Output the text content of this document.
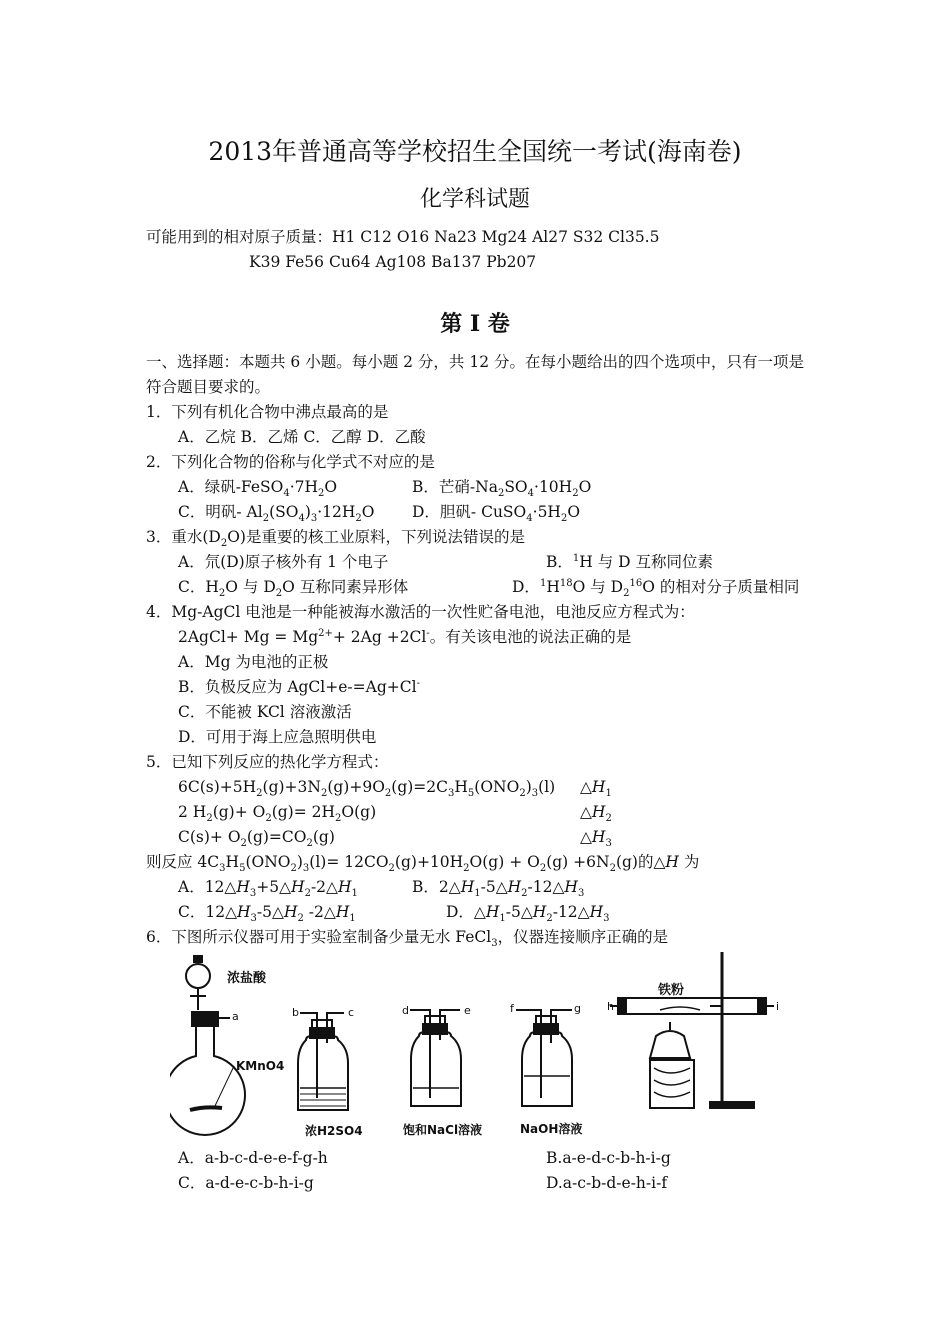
2013年普通高等学校招生全国统一考试(海南卷)
化学科试题
可能用到的相对原子质量：H1 C12 O16 Na23 Mg24 Al27 S32 Cl35.5
K39 Fe56 Cu64 Ag108 Ba137 Pb207
第 I 卷
一、选择题：本题共 6 小题。每小题 2 分，共 12 分。在每小题给出的四个选项中，只有一项是
符合题目要求的。
1．下列有机化合物中沸点最高的是
A．乙烷 B．乙烯 C．乙醇 D．乙酸
2．下列化合物的俗称与化学式不对应的是
A．绿矾$-FeSO_4\cdot 7H_2O$	B．芒硝$-Na_2SO_4\cdot 10H_2O$
C．明矾- $Al_2(SO_4)_3\cdot 12H_2O$ D．胆矾- $CuSO_4\cdot 5H_2O$
3．重水$(D_2O)$是重要的核工业原料，下列说法错误的是
A．氘(D)原子核外有 1 个电子	B．$^1$H 与 D 互称同位素
C．$H_2O$ 与 $D_2O$ 互称同素异形体	D．$^1H^{18}O$ 与 $D_2^{16}O$ 的相对分子质量相同
4．Mg-AgCl 电池是一种能被海水激活的一次性贮备电池，电池反应方程式为：
2AgCl+ $Mg = Mg^{2+}+ 2Ag +2Cl^-$。有关该电池的说法正确的是
A．Mg 为电池的正极
B．负极反应为 AgCl+e-=Ag+Cl-
C．不能被 KCl 溶液激活
D．可用于海上应急照明供电
5．已知下列反应的热化学方程式：
$6C(s)+5H_2(g)+3N_2(g)+9O_2(g)=2C_3H_5(ONO_2)_3(l)$ $\triangle H_1$
2 $H_2(g)+ O_2(g)= 2H_2O(g)$	$\triangle H_2$
$C(s)+ O_2(g)=CO_2(g)$	$\triangle H_3$
则反应 $4C_3H_5(ONO_2)_3(l)= 12CO_2(g)+10H_2O(g) + O_2(g) +6N_2(g)$的△H 为
A．$12\triangle H_3+5\triangle H_2-2\triangle H_1$	B．$2\triangle H_1-5\triangle H_2-12\triangle H_3$
C．$12\triangle H_3-5\triangle H_2$ $-2\triangle H_1$	D．$\triangle H_1-5\triangle H_2-12\triangle H_3$
6．下图所示仪器可用于实验室制备少量无水 FeCl$_3$，仪器连接顺序正确的是
浓盐酸
a
KMnO4
b	c
浓H2SO4
d	e
饱和NaCl溶液
f	g
NaOH溶液
h	i
铁粉
A．a-b-c-d-e-e-f-g-h	B.a-e-d-c-b-h-i-g
C．a-d-e-c-b-h-i-g	D.a-c-b-d-e-h-i-f
